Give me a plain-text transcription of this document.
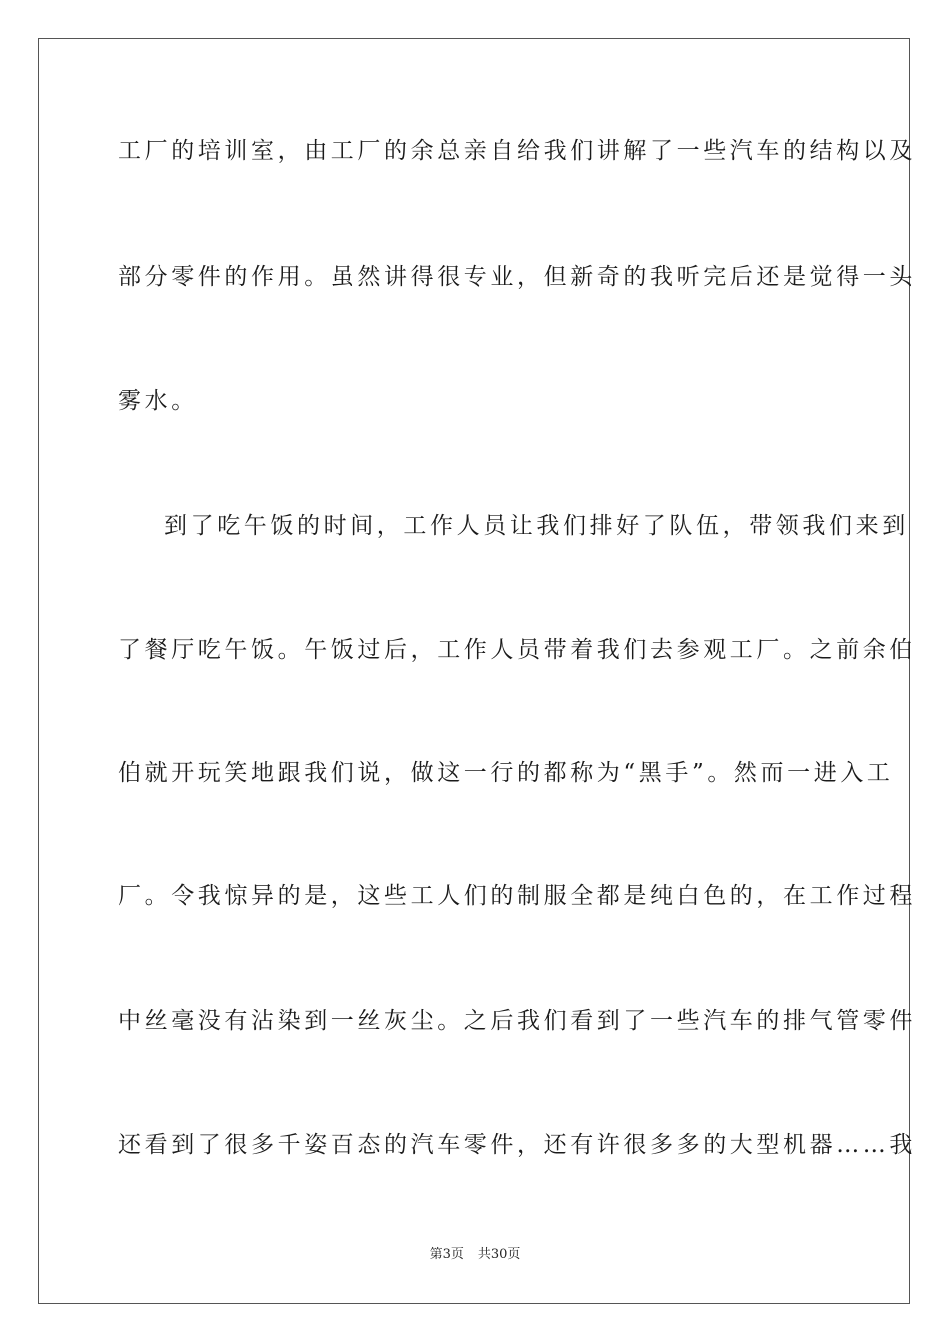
工厂的培训室，由工厂的余总亲自给我们讲解了一些汽车的结构以及

部分零件的作用。虽然讲得很专业，但新奇的我听完后还是觉得一头

雾水。

到了吃午饭的时间，工作人员让我们排好了队伍，带领我们来到

了餐厅吃午饭。午饭过后，工作人员带着我们去参观工厂。之前余伯

伯就开玩笑地跟我们说，做这一行的都称为“黑手”。然而一进入工

厂。令我惊异的是，这些工人们的制服全都是纯白色的，在工作过程

中丝毫没有沾染到一丝灰尘。之后我们看到了一些汽车的排气管零件

还看到了很多千姿百态的汽车零件，还有许很多多的大型机器……我

第3页 共30页
